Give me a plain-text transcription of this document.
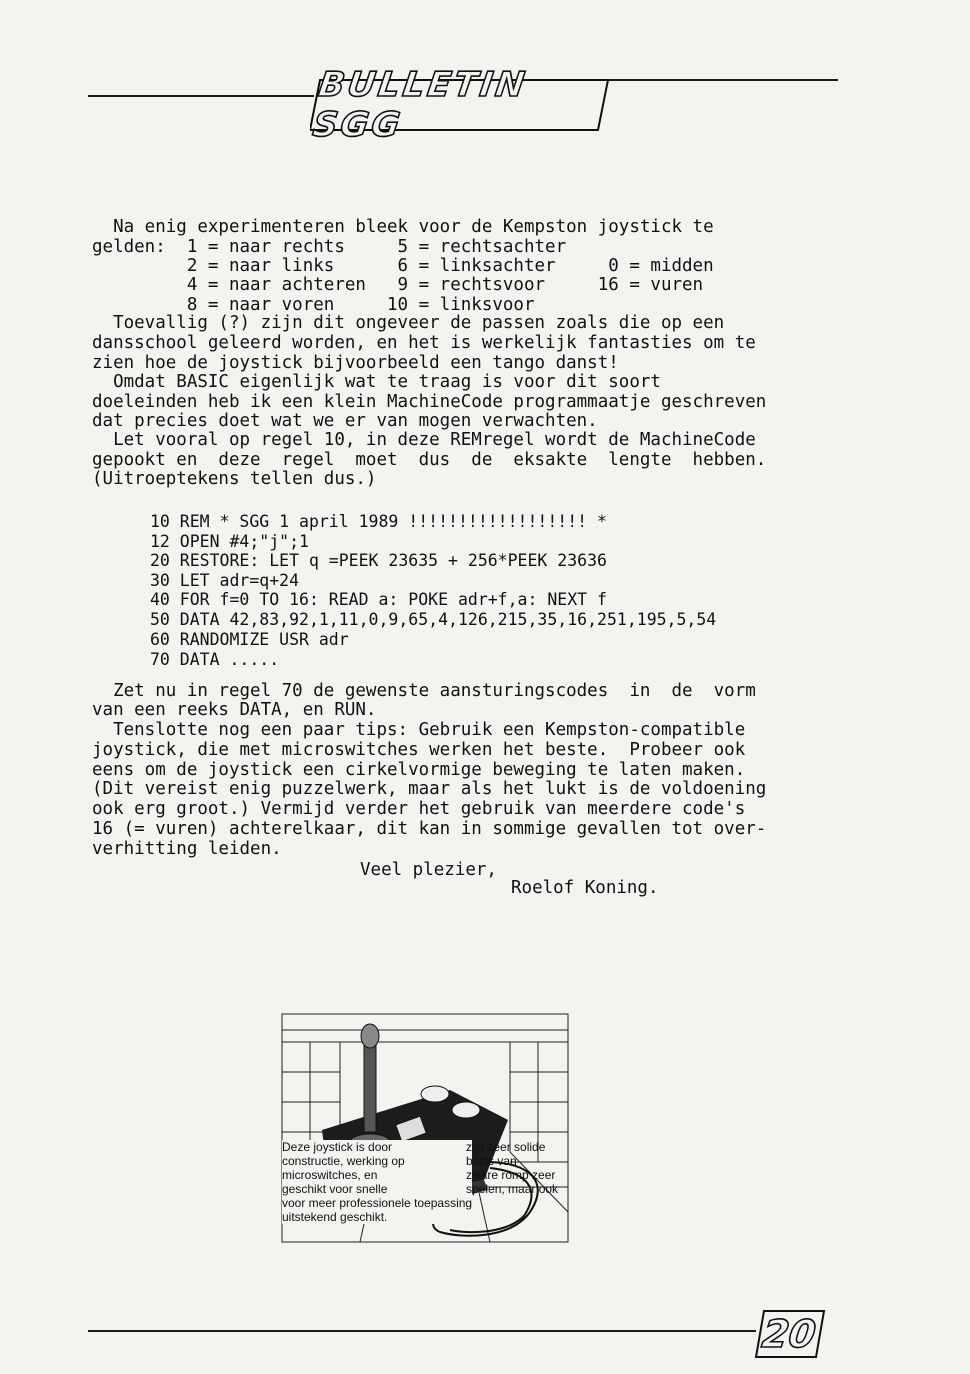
BULLETIN SGG
Na enig experimenteren bleek voor de Kempston joystick te
gelden:  1 = naar rechts     5 = rechtsachter
2 = naar links      6 = linksachter     0 = midden
4 = naar achteren   9 = rechtsvoor     16 = vuren
8 = naar voren     10 = linksvoor
Toevallig (?) zijn dit ongeveer de passen zoals die op een
dansschool geleerd worden, en het is werkelijk fantasties om te
zien hoe de joystick bijvoorbeeld een tango danst!
Omdat BASIC eigenlijk wat te traag is voor dit soort
doeleinden heb ik een klein MachineCode programmaatje geschreven
dat precies doet wat we er van mogen verwachten.
Let vooral op regel 10, in deze REMregel wordt de MachineCode
gepookt en  deze  regel  moet  dus  de  eksakte  lengte  hebben.
(Uitroeptekens tellen dus.)
10 REM * SGG 1 april 1989 !!!!!!!!!!!!!!!!!! *
12 OPEN #4;"j";1
20 RESTORE: LET q =PEEK 23635 + 256*PEEK 23636
30 LET adr=q+24
40 FOR f=0 TO 16: READ a: POKE adr+f,a: NEXT f
50 DATA 42,83,92,1,11,0,9,65,4,126,215,35,16,251,195,5,54
60 RANDOMIZE USR adr
70 DATA .....
Zet nu in regel 70 de gewenste aansturingscodes  in  de  vorm
van een reeks DATA, en RUN.
Tenslotte nog een paar tips: Gebruik een Kempston-compatible
joystick, die met microswitches werken het beste.  Probeer ook
eens om de joystick een cirkelvormige beweging te laten maken.
(Dit vereist enig puzzelwerk, maar als het lukt is de voldoening
ook erg groot.) Vermijd verder het gebruik van meerdere code's
16 (= vuren) achterelkaar, dit kan in sommige gevallen tot over-
verhitting leiden.
Veel plezier,
Roelof Koning.
Deze joystick is door
constructie, werking op
microswitches, en
geschikt voor snelle
voor meer professionele toepassing
uitstekend geschikt.
zijn zeer solide
basis van
zware romp zeer
spelen, maar ook
20
